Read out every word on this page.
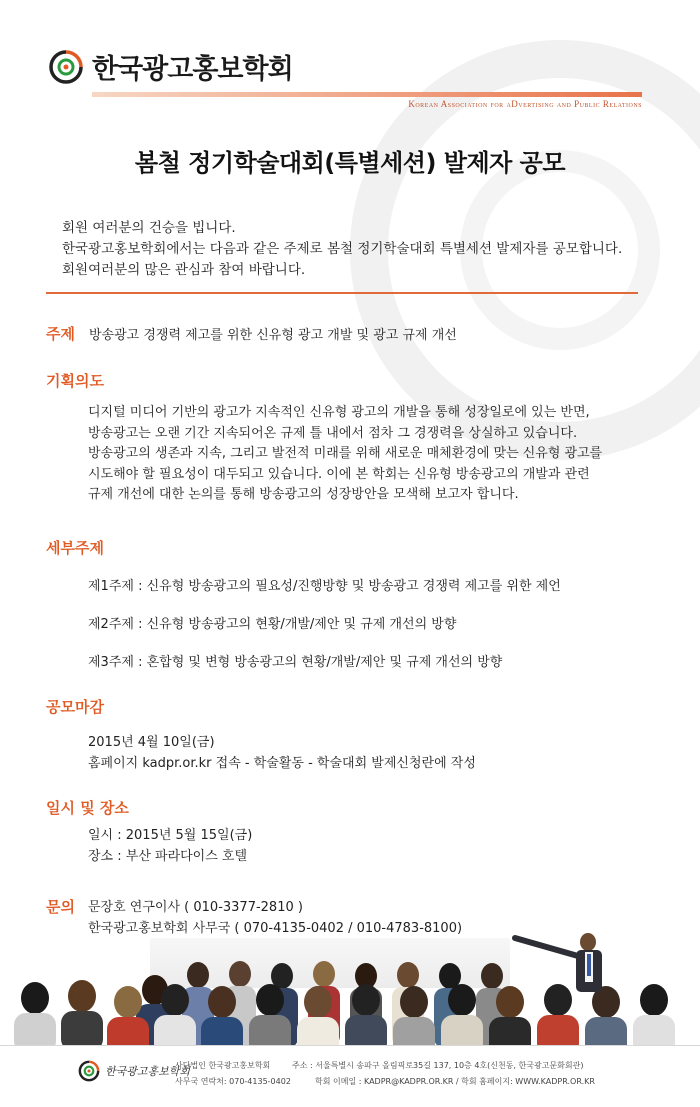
한국광고홍보학회
Korean Association for aDvertising and Public Relations
봄철 정기학술대회(특별세션) 발제자 공모
회원 여러분의 건승을 빕니다.
한국광고홍보학회에서는 다음과 같은 주제로 봄철 정기학술대회 특별세션 발제자를 공모합니다.
회원여러분의 많은 관심과 참여 바랍니다.
주제 방송광고 경쟁력 제고를 위한 신유형 광고 개발 및 광고 규제 개선
기획의도
디지털 미디어 기반의 광고가 지속적인 신유형 광고의 개발을 통해 성장일로에 있는 반면,
방송광고는 오랜 기간 지속되어온 규제 틀 내에서 점차 그 경쟁력을 상실하고 있습니다.
방송광고의 생존과 지속, 그리고 발전적 미래를 위해 새로운 매체환경에 맞는 신유형 광고를
시도해야 할 필요성이 대두되고 있습니다. 이에 본 학회는 신유형 방송광고의 개발과 관련
규제 개선에 대한 논의를 통해 방송광고의 성장방안을 모색해 보고자 합니다.
세부주제
제1주제 : 신유형 방송광고의 필요성/진행방향 및 방송광고 경쟁력 제고를 위한 제언
제2주제 : 신유형 방송광고의 현황/개발/제안 및 규제 개선의 방향
제3주제 : 혼합형 및 변형 방송광고의 현황/개발/제안 및 규제 개선의 방향
공모마감
2015년 4월 10일(금)
홈페이지 kadpr.or.kr 접속 - 학술활동 - 학술대회 발제신청란에 작성
일시 및 장소
일시 : 2015년 5월 15일(금)
장소 : 부산 파라다이스 호텔
문의 문장호 연구이사 ( 010-3377-2810 )
한국광고홍보학회 사무국 ( 070-4135-0402 / 010-4783-8100)
한국광고홍보학회
사단법인 한국광고홍보학회
사무국 연락처: 070-4135-0402
주소 : 서울특별시 송파구 올림픽로35길 137, 10층 4호(신천동, 한국광고문화회관)
학회 이메일 : KADPR@KADPR.OR.KR / 학회 홈페이지: WWW.KADPR.OR.KR
